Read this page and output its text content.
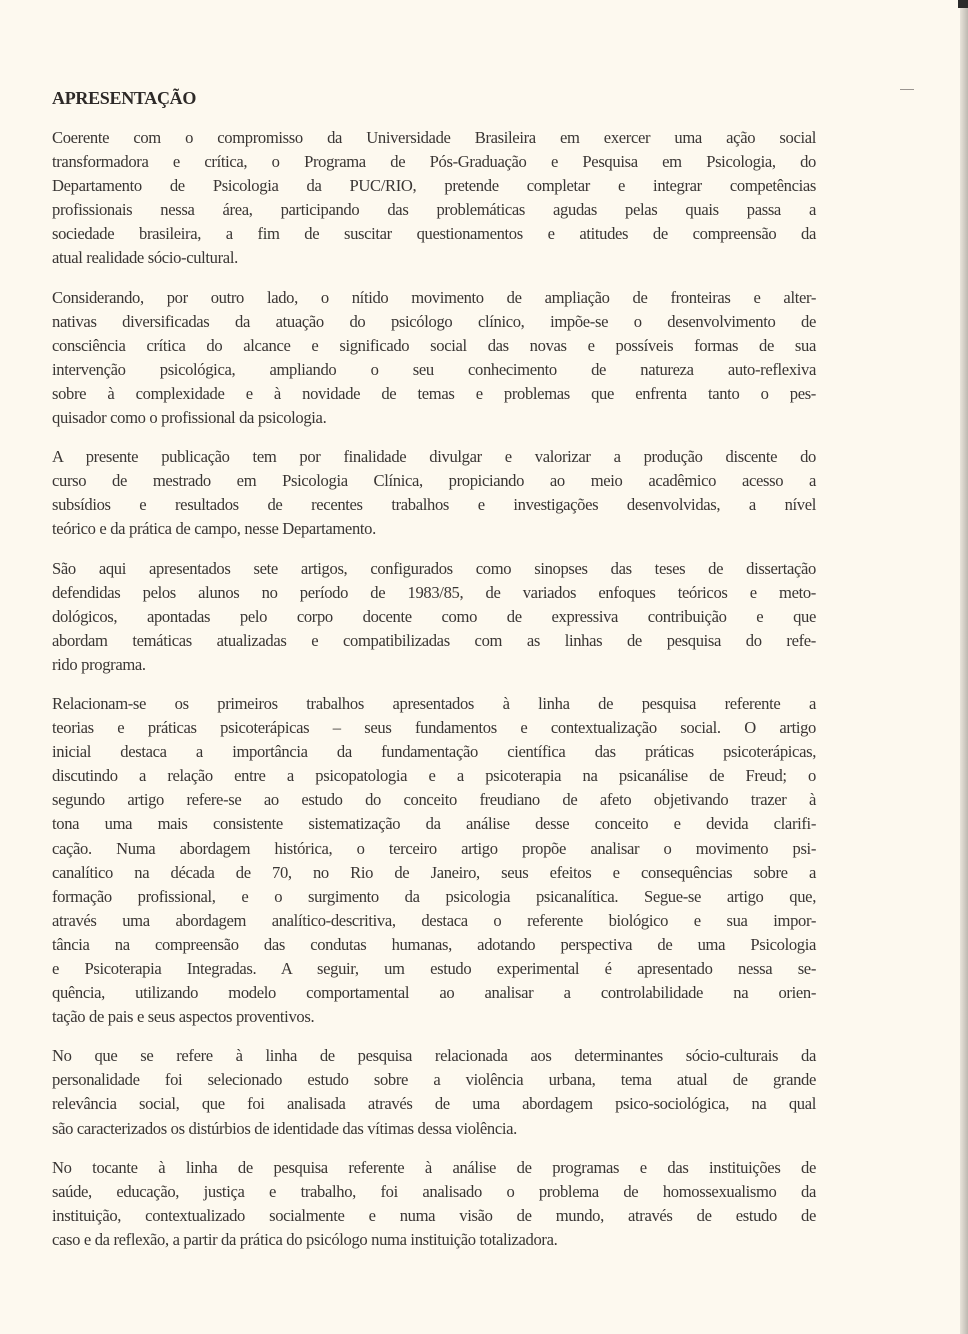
APRESENTAÇÃO
Coerente com o compromisso da Universidade Brasileira em exercer uma ação social
transformadora e crítica, o Programa de Pós-Graduação e Pesquisa em Psicologia, do
Departamento de Psicologia da PUC/RIO, pretende completar e integrar competências
profissionais nessa área, participando das problemáticas agudas pelas quais passa a
sociedade brasileira, a fim de suscitar questionamentos e atitudes de compreensão da
atual realidade sócio-cultural.
Considerando, por outro lado, o nítido movimento de ampliação de fronteiras e alter-
nativas diversificadas da atuação do psicólogo clínico, impõe-se o desenvolvimento de
consciência crítica do alcance e significado social das novas e possíveis formas de sua
intervenção psicológica, ampliando o seu conhecimento de natureza auto-reflexiva
sobre à complexidade e à novidade de temas e problemas que enfrenta tanto o pes-
quisador como o profissional da psicologia.
A presente publicação tem por finalidade divulgar e valorizar a produção discente do
curso de mestrado em Psicologia Clínica, propiciando ao meio acadêmico acesso a
subsídios e resultados de recentes trabalhos e investigações desenvolvidas, a nível
teórico e da prática de campo, nesse Departamento.
São aqui apresentados sete artigos, configurados como sinopses das teses de dissertação
defendidas pelos alunos no período de 1983/85, de variados enfoques teóricos e meto-
dológicos, apontadas pelo corpo docente como de expressiva contribuição e que
abordam temáticas atualizadas e compatibilizadas com as linhas de pesquisa do refe-
rido programa.
Relacionam-se os primeiros trabalhos apresentados à linha de pesquisa referente a
teorias e práticas psicoterápicas – seus fundamentos e contextualização social. O artigo
inicial destaca a importância da fundamentação científica das práticas psicoterápicas,
discutindo a relação entre a psicopatologia e a psicoterapia na psicanálise de Freud; o
segundo artigo refere-se ao estudo do conceito freudiano de afeto objetivando trazer à
tona uma mais consistente sistematização da análise desse conceito e devida clarifi-
cação. Numa abordagem histórica, o terceiro artigo propõe analisar o movimento psi-
canalítico na década de 70, no Rio de Janeiro, seus efeitos e consequências sobre a
formação profissional, e o surgimento da psicologia psicanalítica. Segue-se artigo que,
através uma abordagem analítico-descritiva, destaca o referente biológico e sua impor-
tância na compreensão das condutas humanas, adotando perspectiva de uma Psicologia
e Psicoterapia Integradas. A seguir, um estudo experimental é apresentado nessa se-
quência, utilizando modelo comportamental ao analisar a controlabilidade na orien-
tação de pais e seus aspectos proventivos.
No que se refere à linha de pesquisa relacionada aos determinantes sócio-culturais da
personalidade foi selecionado estudo sobre a violência urbana, tema atual de grande
relevância social, que foi analisada através de uma abordagem psico-sociológica, na qual
são caracterizados os distúrbios de identidade das vítimas dessa violência.
No tocante à linha de pesquisa referente à análise de programas e das instituições de
saúde, educação, justiça e trabalho, foi analisado o problema de homossexualismo da
instituição, contextualizado socialmente e numa visão de mundo, através de estudo de
caso e da reflexão, a partir da prática do psicólogo numa instituição totalizadora.
